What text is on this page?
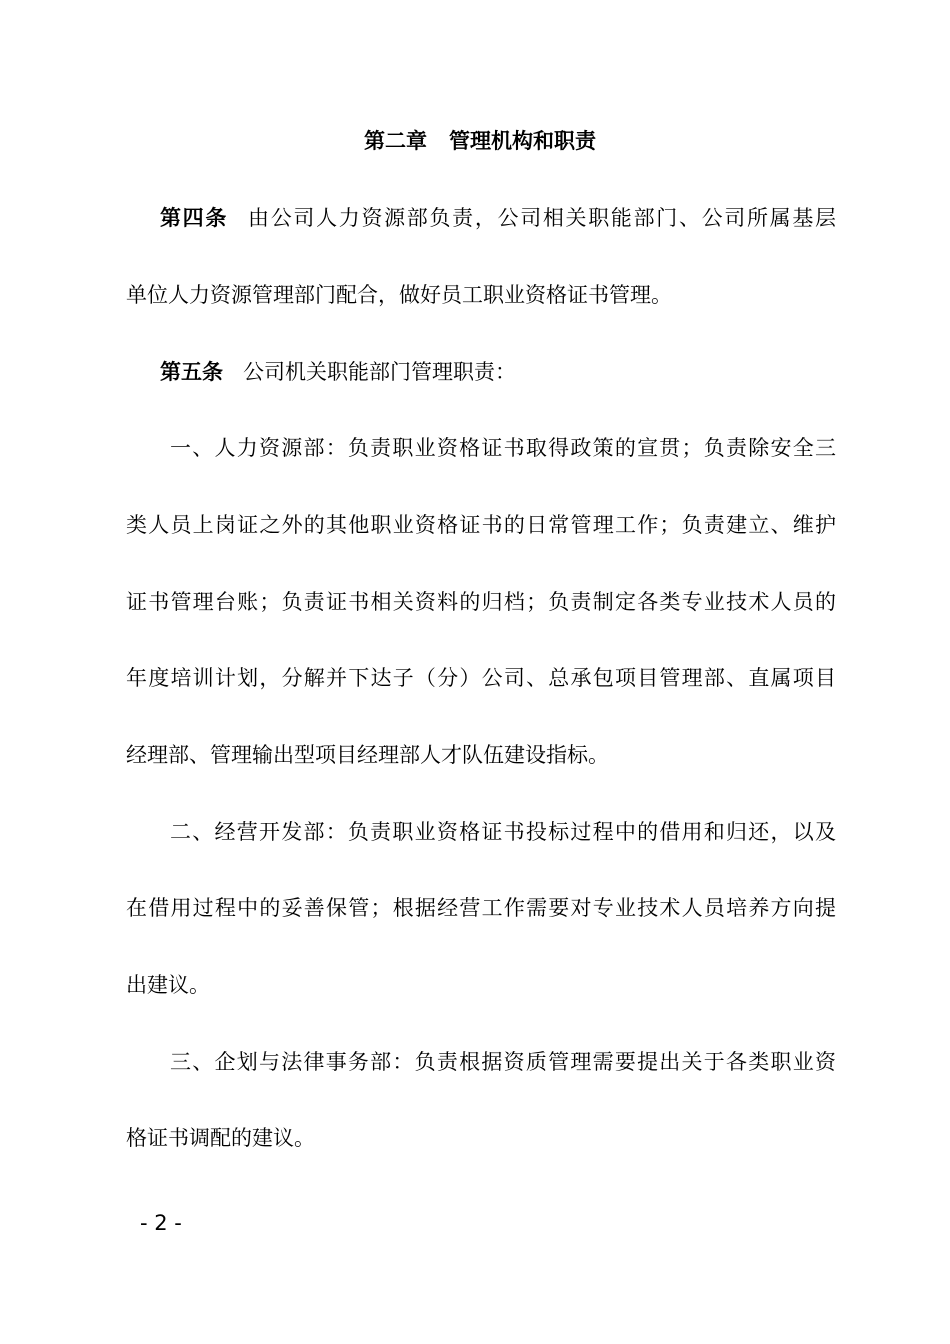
第二章   管理机构和职责
第四条 由公司人力资源部负责，公司相关职能部门、公司所属基层
单位人力资源管理部门配合，做好员工职业资格证书管理。
第五条 公司机关职能部门管理职责：
一、人力资源部：负责职业资格证书取得政策的宣贯；负责除安全三
类人员上岗证之外的其他职业资格证书的日常管理工作；负责建立、维护
证书管理台账；负责证书相关资料的归档；负责制定各类专业技术人员的
年度培训计划，分解并下达子（分）公司、总承包项目管理部、直属项目
经理部、管理输出型项目经理部人才队伍建设指标。
二、经营开发部：负责职业资格证书投标过程中的借用和归还，以及
在借用过程中的妥善保管；根据经营工作需要对专业技术人员培养方向提
出建议。
三、企划与法律事务部：负责根据资质管理需要提出关于各类职业资
格证书调配的建议。
- 2 -
